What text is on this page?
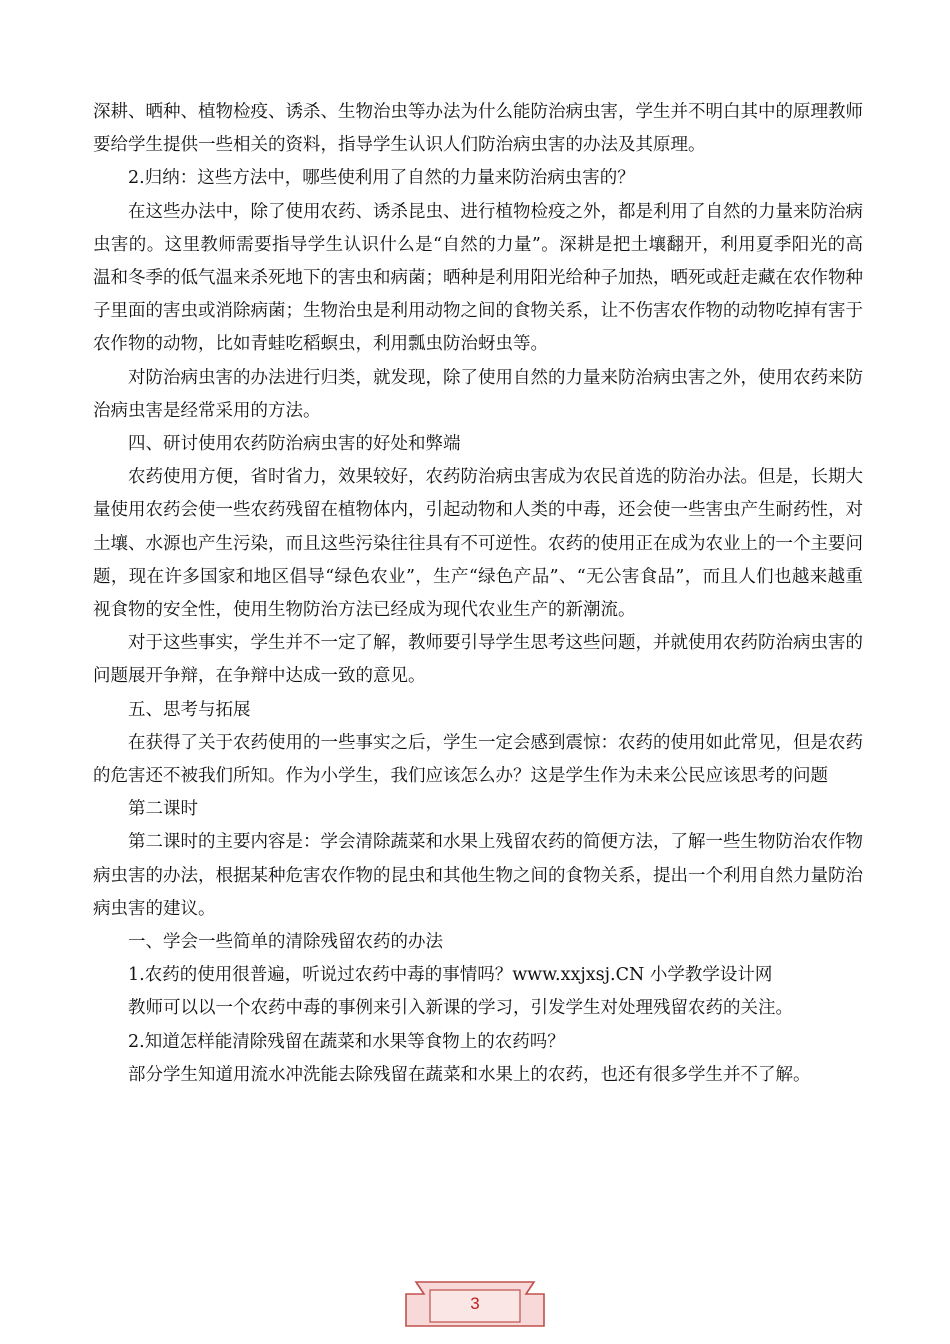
深耕、晒种、植物检疫、诱杀、生物治虫等办法为什么能防治病虫害，学生并不明白其中的原理教师要给学生提供一些相关的资料，指导学生认识人们防治病虫害的办法及其原理。

2.归纳：这些方法中，哪些使利用了自然的力量来防治病虫害的？

在这些办法中，除了使用农药、诱杀昆虫、进行植物检疫之外，都是利用了自然的力量来防治病虫害的。这里教师需要指导学生认识什么是“自然的力量”。深耕是把土壤翻开，利用夏季阳光的高温和冬季的低气温来杀死地下的害虫和病菌；晒种是利用阳光给种子加热，晒死或赶走藏在农作物种子里面的害虫或消除病菌；生物治虫是利用动物之间的食物关系，让不伤害农作物的动物吃掉有害于农作物的动物，比如青蛙吃稻螟虫，利用瓢虫防治蚜虫等。

对防治病虫害的办法进行归类，就发现，除了使用自然的力量来防治病虫害之外，使用农药来防治病虫害是经常采用的方法。

四、研讨使用农药防治病虫害的好处和弊端

农药使用方便，省时省力，效果较好，农药防治病虫害成为农民首选的防治办法。但是，长期大量使用农药会使一些农药残留在植物体内，引起动物和人类的中毒，还会使一些害虫产生耐药性，对土壤、水源也产生污染，而且这些污染往往具有不可逆性。农药的使用正在成为农业上的一个主要问题，现在许多国家和地区倡导“绿色农业”，生产“绿色产品”、“无公害食品”，而且人们也越来越重视食物的安全性，使用生物防治方法已经成为现代农业生产的新潮流。

对于这些事实，学生并不一定了解，教师要引导学生思考这些问题，并就使用农药防治病虫害的问题展开争辩，在争辩中达成一致的意见。

五、思考与拓展

在获得了关于农药使用的一些事实之后，学生一定会感到震惊：农药的使用如此常见，但是农药的危害还不被我们所知。作为小学生，我们应该怎么办？这是学生作为未来公民应该思考的问题

第二课时

第二课时的主要内容是：学会清除蔬菜和水果上残留农药的简便方法，了解一些生物防治农作物病虫害的办法，根据某种危害农作物的昆虫和其他生物之间的食物关系，提出一个利用自然力量防治病虫害的建议。

一、学会一些简单的清除残留农药的办法

1.农药的使用很普遍，听说过农药中毒的事情吗？www.xxjxsj.CN 小学教学设计网

教师可以以一个农药中毒的事例来引入新课的学习，引发学生对处理残留农药的关注。

2.知道怎样能清除残留在蔬菜和水果等食物上的农药吗？

部分学生知道用流水冲洗能去除残留在蔬菜和水果上的农药，也还有很多学生并不了解。

3
